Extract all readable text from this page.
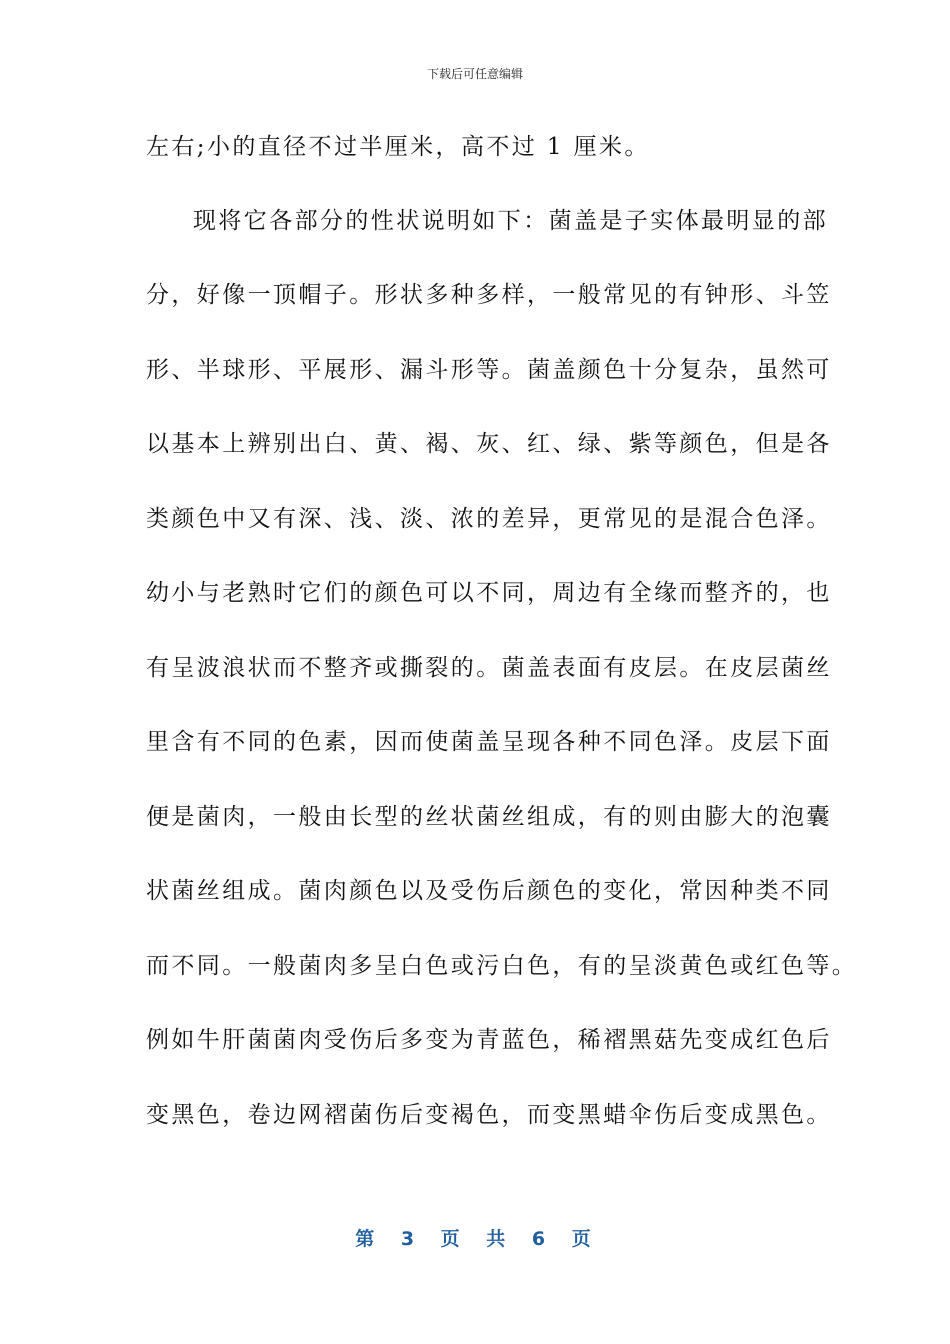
下载后可任意编辑
左右;小的直径不过半厘米，高不过 1 厘米。
现将它各部分的性状说明如下：菌盖是子实体最明显的部
分，好像一顶帽子。形状多种多样，一般常见的有钟形、斗笠
形、半球形、平展形、漏斗形等。菌盖颜色十分复杂，虽然可
以基本上辨别出白、黄、褐、灰、红、绿、紫等颜色，但是各
类颜色中又有深、浅、淡、浓的差异，更常见的是混合色泽。
幼小与老熟时它们的颜色可以不同，周边有全缘而整齐的，也
有呈波浪状而不整齐或撕裂的。菌盖表面有皮层。在皮层菌丝
里含有不同的色素，因而使菌盖呈现各种不同色泽。皮层下面
便是菌肉，一般由长型的丝状菌丝组成，有的则由膨大的泡囊
状菌丝组成。菌肉颜色以及受伤后颜色的变化，常因种类不同
而不同。一般菌肉多呈白色或污白色，有的呈淡黄色或红色等。
例如牛肝菌菌肉受伤后多变为青蓝色，稀褶黑菇先变成红色后
变黑色，卷边网褶菌伤后变褐色，而变黑蜡伞伤后变成黑色。
第 3 页 共 6 页
